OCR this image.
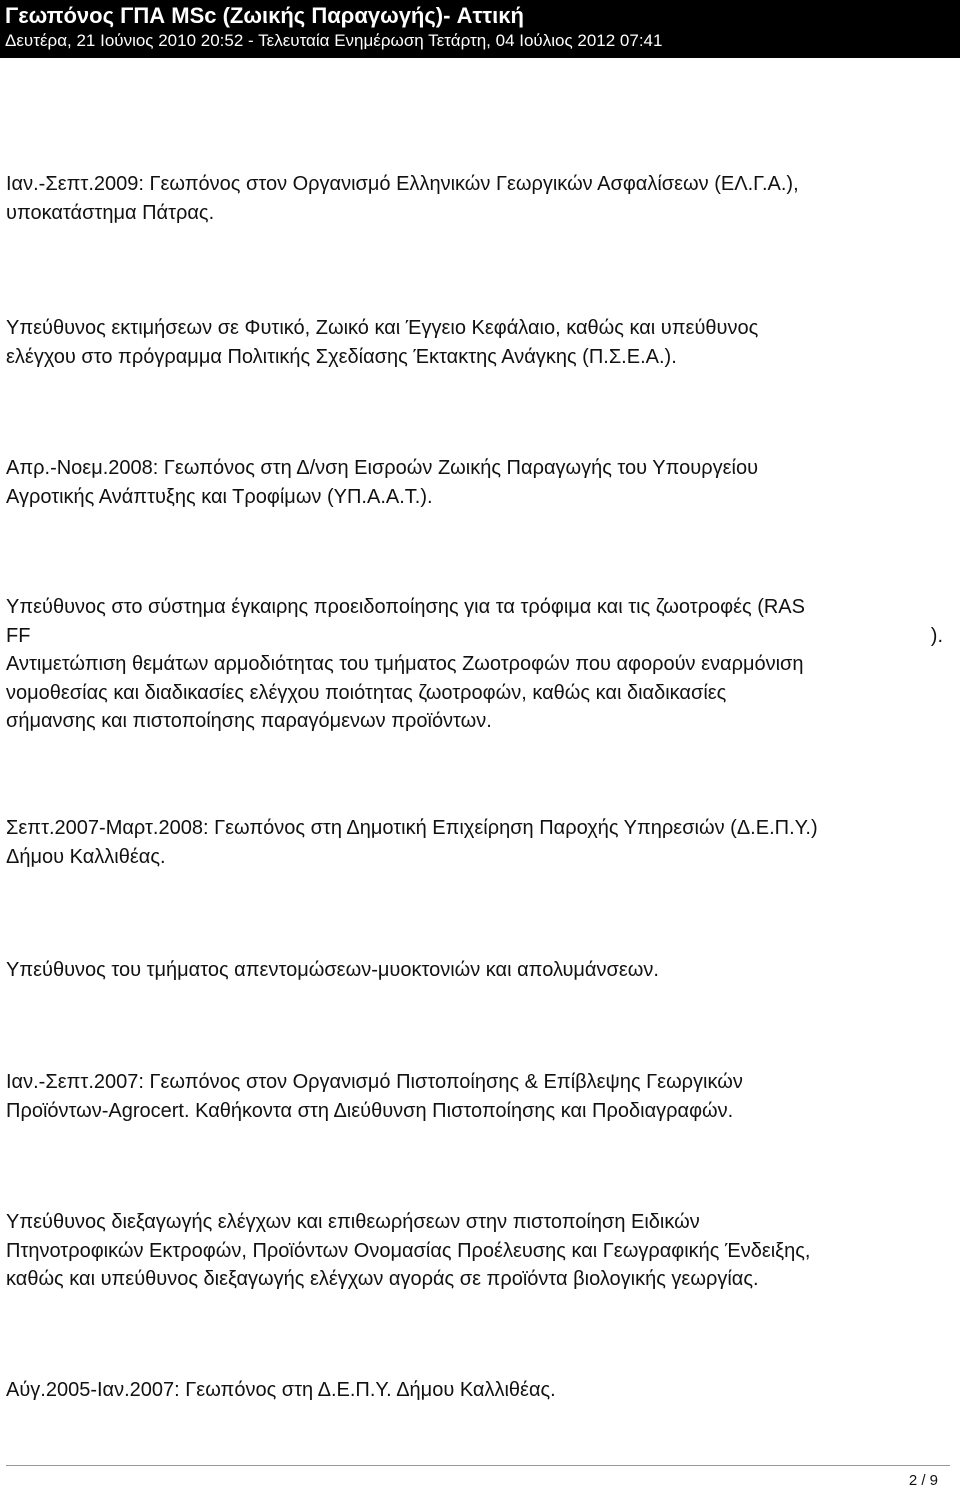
Γεωπόνος ΓΠΑ MSc (Ζωικής Παραγωγής)- Αττική
Δευτέρα, 21 Ιούνιος 2010 20:52 - Τελευταία Ενημέρωση Τετάρτη, 04 Ιούλιος 2012 07:41
Ιαν.-Σεπτ.2009: Γεωπόνος στον Οργανισμό Ελληνικών Γεωργικών Ασφαλίσεων (ΕΛ.Γ.Α.),
υποκατάστημα Πάτρας.
Υπεύθυνος εκτιμήσεων σε Φυτικό, Ζωικό και Έγγειο Κεφάλαιο, καθώς και υπεύθυνος
ελέγχου στο πρόγραμμα Πολιτικής Σχεδίασης Έκτακτης Ανάγκης (Π.Σ.Ε.Α.).
Απρ.-Νοεμ.2008: Γεωπόνος στη Δ/νση Εισροών Ζωικής Παραγωγής του Υπουργείου
Αγροτικής Ανάπτυξης και Τροφίμων (ΥΠ.Α.Α.Τ.).
Υπεύθυνος στο σύστημα έγκαιρης προειδοποίησης για τα τρόφιμα και τις ζωοτροφές (RAS
FF	).
Αντιμετώπιση θεμάτων αρμοδιότητας του τμήματος Ζωοτροφών που αφορούν εναρμόνιση
νομοθεσίας και διαδικασίες ελέγχου ποιότητας ζωοτροφών, καθώς και διαδικασίες
σήμανσης και πιστοποίησης παραγόμενων προϊόντων.
Σεπτ.2007-Μαρτ.2008: Γεωπόνος στη Δημοτική Επιχείρηση Παροχής Υπηρεσιών (Δ.Ε.Π.Υ.)
Δήμου Καλλιθέας.
Υπεύθυνος του τμήματος απεντομώσεων-μυοκτονιών και απολυμάνσεων.
Ιαν.-Σεπτ.2007: Γεωπόνος στον Οργανισμό Πιστοποίησης & Επίβλεψης Γεωργικών
Προϊόντων-Agrocert. Καθήκοντα στη Διεύθυνση Πιστοποίησης και Προδιαγραφών.
Υπεύθυνος διεξαγωγής ελέγχων και επιθεωρήσεων στην πιστοποίηση Ειδικών
Πτηνοτροφικών Εκτροφών, Προϊόντων Ονομασίας Προέλευσης και Γεωγραφικής Ένδειξης,
καθώς και υπεύθυνος διεξαγωγής ελέγχων αγοράς σε προϊόντα βιολογικής γεωργίας.
Αύγ.2005-Ιαν.2007: Γεωπόνος στη Δ.Ε.Π.Υ. Δήμου Καλλιθέας.
2 / 9
